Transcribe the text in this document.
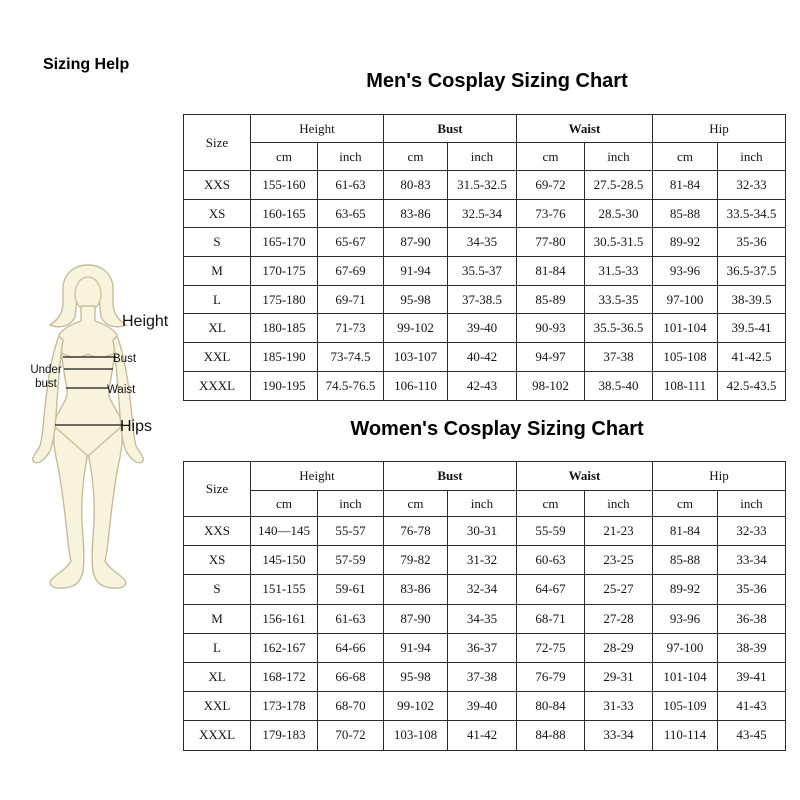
Sizing Help
Height
Bust
Under
bust	Waist
Hips
Men's Cosplay Sizing Chart
Size	Height		Bust		Waist		Hip	
	cm	inch	cm	inch	cm	inch	cm	inch
XXS	155-160	61-63	80-83	31.5-32.5	69-72	27.5-28.5	81-84	32-33
XS	160-165	63-65	83-86	32.5-34	73-76	28.5-30	85-88	33.5-34.5
S	165-170	65-67	87-90	34-35	77-80	30.5-31.5	89-92	35-36
M	170-175	67-69	91-94	35.5-37	81-84	31.5-33	93-96	36.5-37.5
L	175-180	69-71	95-98	37-38.5	85-89	33.5-35	97-100	38-39.5
XL	180-185	71-73	99-102	39-40	90-93	35.5-36.5	101-104	39.5-41
XXL	185-190	73-74.5	103-107	40-42	94-97	37-38	105-108	41-42.5
XXXL	190-195	74.5-76.5	106-110	42-43	98-102	38.5-40	108-111	42.5-43.5
Women's Cosplay Sizing Chart
Size	Height		Bust		Waist		Hip	
	cm	inch	cm	inch	cm	inch	cm	inch
XXS	140—145	55-57	76-78	30-31	55-59	21-23	81-84	32-33
XS	145-150	57-59	79-82	31-32	60-63	23-25	85-88	33-34
S	151-155	59-61	83-86	32-34	64-67	25-27	89-92	35-36
M	156-161	61-63	87-90	34-35	68-71	27-28	93-96	36-38
L	162-167	64-66	91-94	36-37	72-75	28-29	97-100	38-39
XL	168-172	66-68	95-98	37-38	76-79	29-31	101-104	39-41
XXL	173-178	68-70	99-102	39-40	80-84	31-33	105-109	41-43
XXXL	179-183	70-72	103-108	41-42	84-88	33-34	110-114	43-45
